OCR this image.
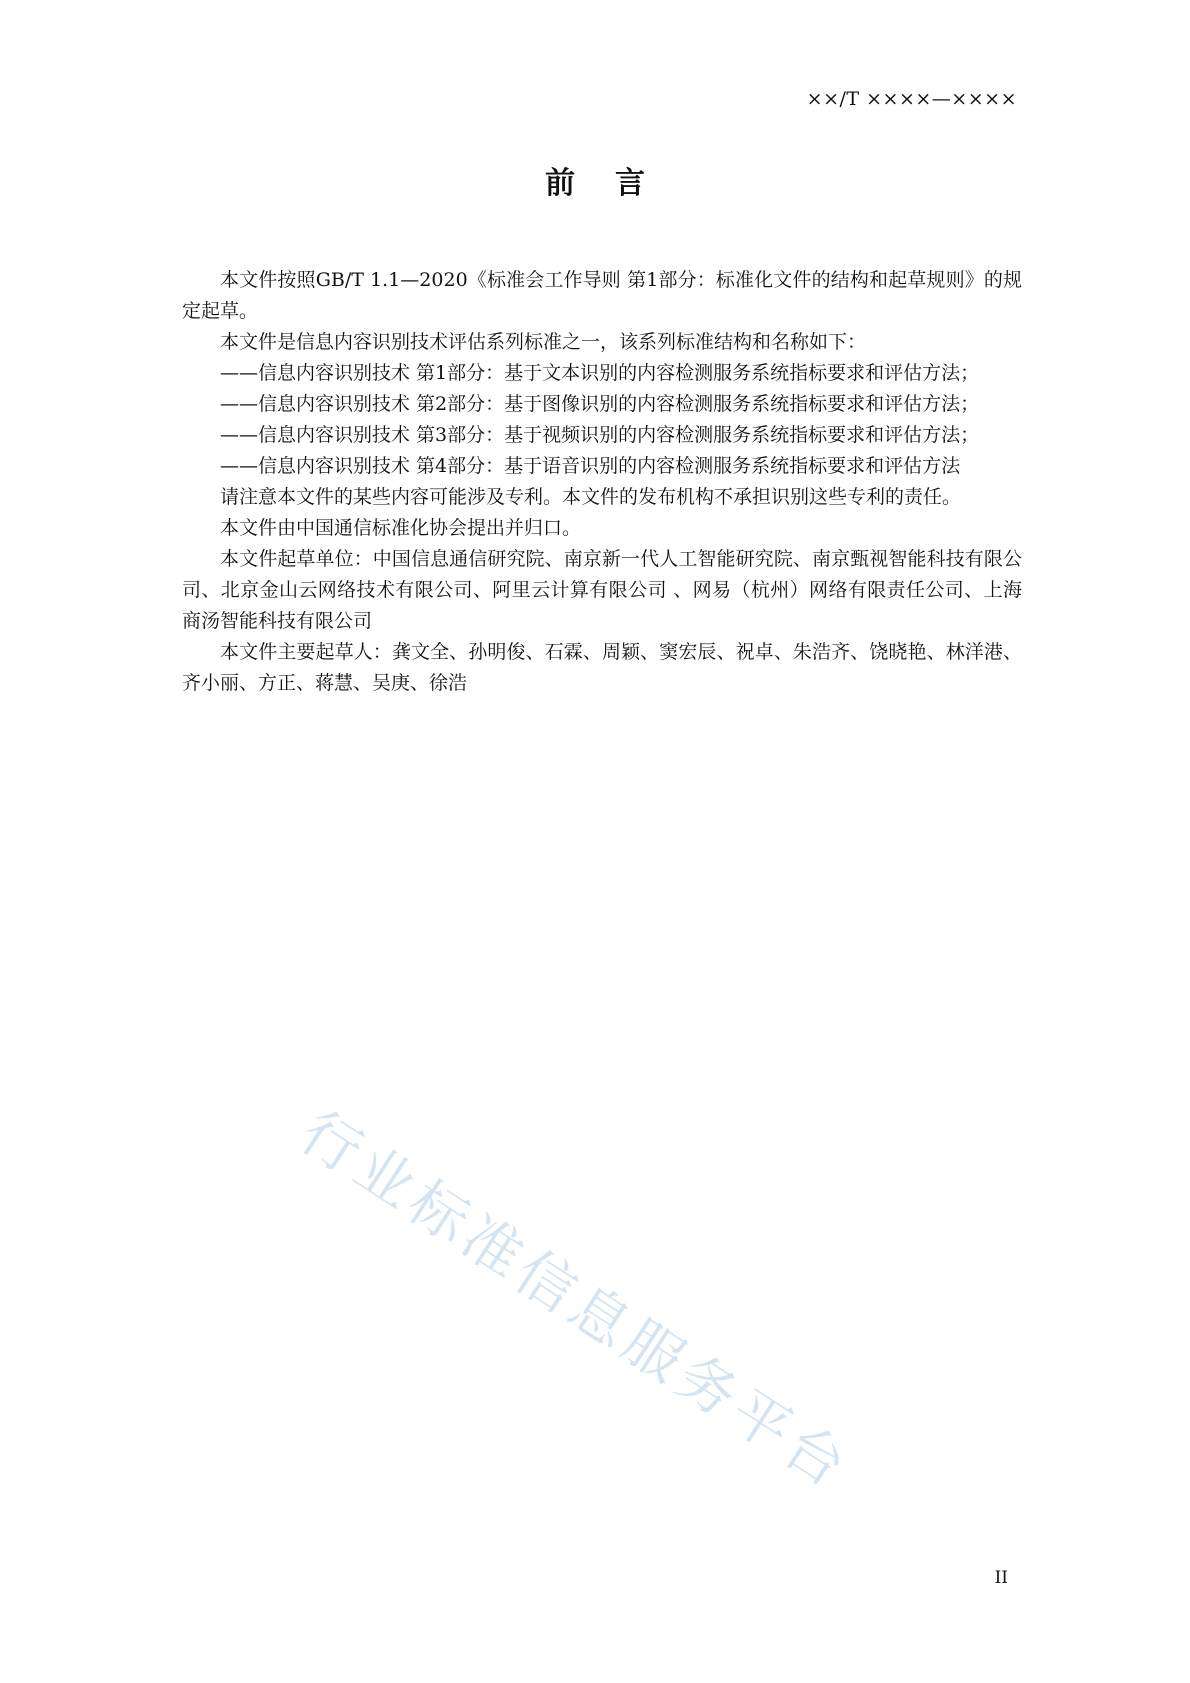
××/T ××××—××××
前言

本文件按照GB/T 1.1—2020《标准会工作导则 第1部分：标准化文件的结构和起草规则》的规定起草。

本文件是信息内容识别技术评估系列标准之一，该系列标准结构和名称如下：

——信息内容识别技术 第1部分：基于文本识别的内容检测服务系统指标要求和评估方法；

——信息内容识别技术 第2部分：基于图像识别的内容检测服务系统指标要求和评估方法；

——信息内容识别技术 第3部分：基于视频识别的内容检测服务系统指标要求和评估方法；

——信息内容识别技术 第4部分：基于语音识别的内容检测服务系统指标要求和评估方法

请注意本文件的某些内容可能涉及专利。本文件的发布机构不承担识别这些专利的责任。

本文件由中国通信标准化协会提出并归口。

本文件起草单位：中国信息通信研究院、南京新一代人工智能研究院、南京甄视智能科技有限公司、北京金山云网络技术有限公司、阿里云计算有限公司 、网易（杭州）网络有限责任公司、上海商汤智能科技有限公司

本文件主要起草人：龚文全、孙明俊、石霖、周颖、窦宏辰、祝卓、朱浩齐、饶晓艳、林洋港、齐小丽、方正、蒋慧、吴庚、徐浩

行业标准信息服务平台
II
